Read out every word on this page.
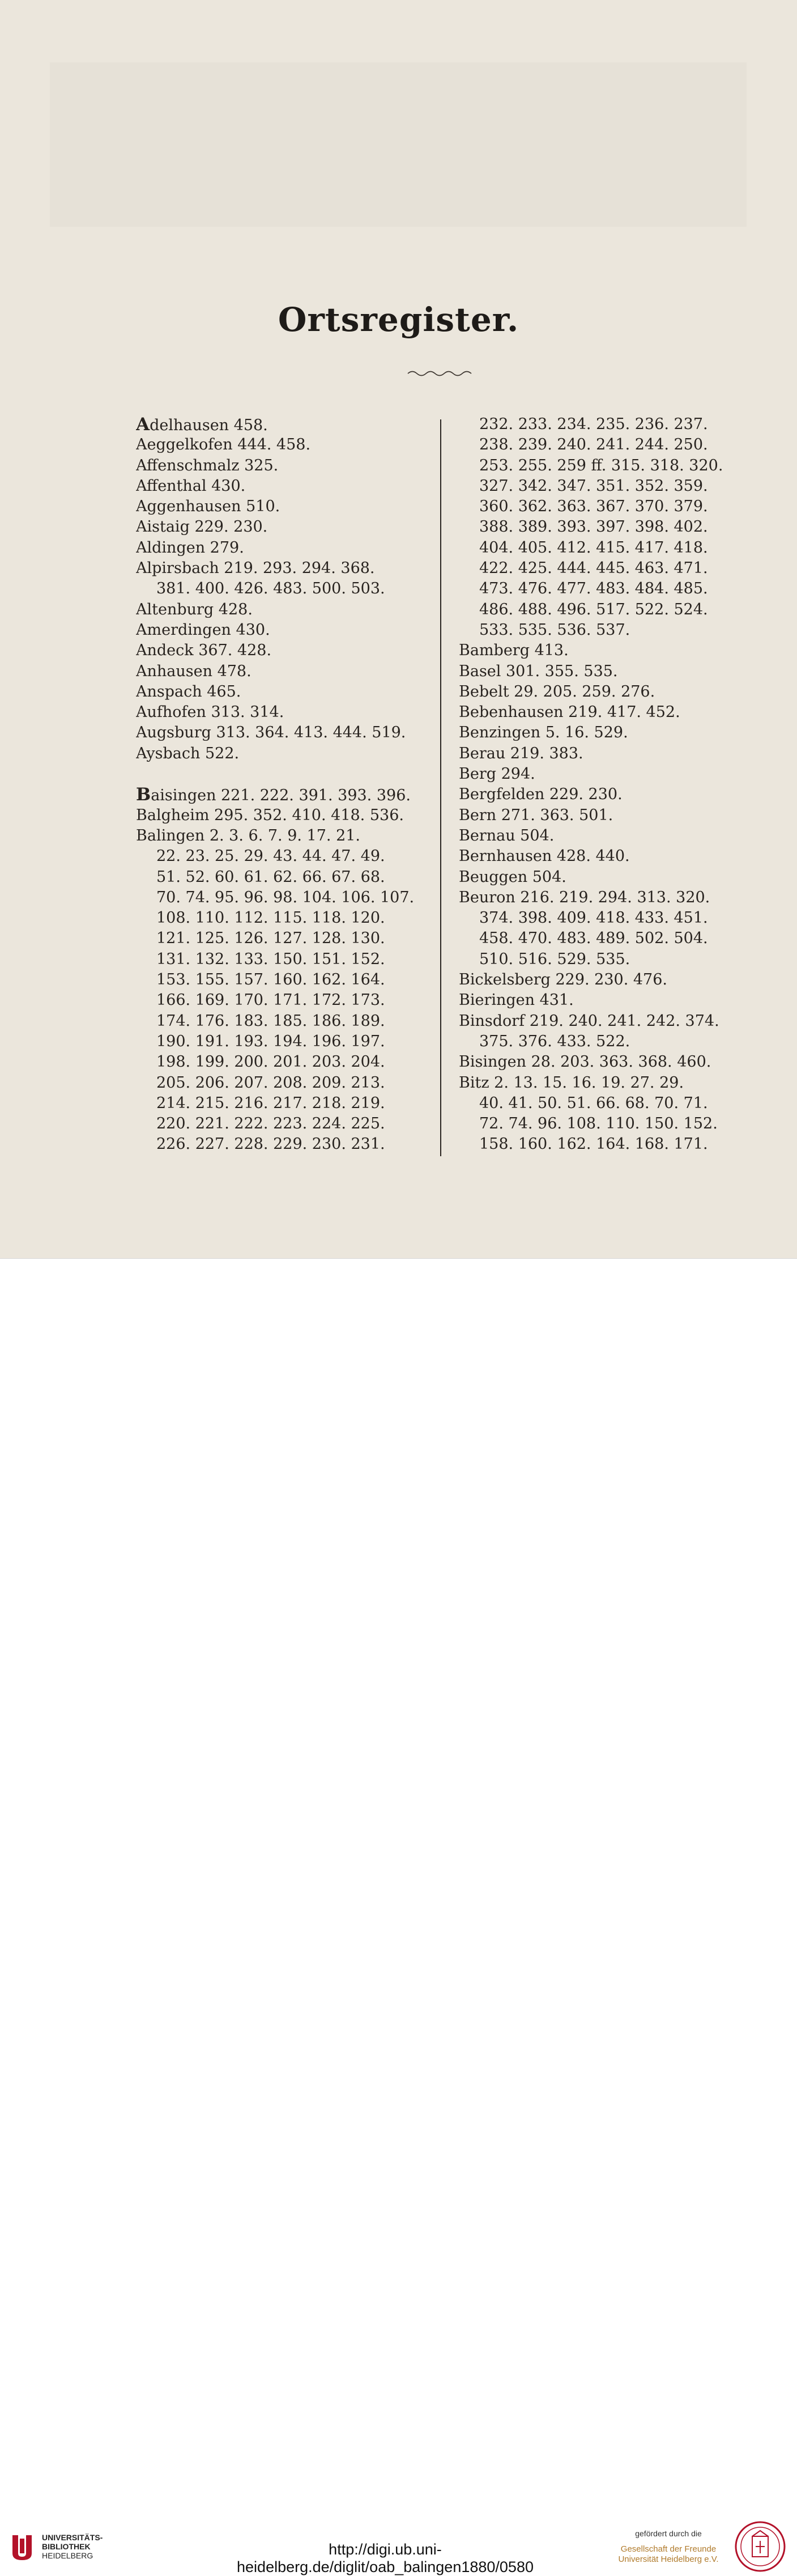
Ortsregister.
Adelhausen 458.
Aeggelkofen 444. 458.
Affenschmalz 325.
Affenthal 430.
Aggenhausen 510.
Aistaig 229. 230.
Aldingen 279.
Alpirsbach 219. 293. 294. 368.
381. 400. 426. 483. 500. 503.
Altenburg 428.
Amerdingen 430.
Andeck 367. 428.
Anhausen 478.
Anspach 465.
Aufhofen 313. 314.
Augsburg 313. 364. 413. 444. 519.
Aysbach 522.
Baisingen 221. 222. 391. 393. 396.
Balgheim 295. 352. 410. 418. 536.
Balingen 2. 3. 6. 7. 9. 17. 21.
22. 23. 25. 29. 43. 44. 47. 49.
51. 52. 60. 61. 62. 66. 67. 68.
70. 74. 95. 96. 98. 104. 106. 107.
108. 110. 112. 115. 118. 120.
121. 125. 126. 127. 128. 130.
131. 132. 133. 150. 151. 152.
153. 155. 157. 160. 162. 164.
166. 169. 170. 171. 172. 173.
174. 176. 183. 185. 186. 189.
190. 191. 193. 194. 196. 197.
198. 199. 200. 201. 203. 204.
205. 206. 207. 208. 209. 213.
214. 215. 216. 217. 218. 219.
220. 221. 222. 223. 224. 225.
226. 227. 228. 229. 230. 231.
232. 233. 234. 235. 236. 237.
238. 239. 240. 241. 244. 250.
253. 255. 259 ff. 315. 318. 320.
327. 342. 347. 351. 352. 359.
360. 362. 363. 367. 370. 379.
388. 389. 393. 397. 398. 402.
404. 405. 412. 415. 417. 418.
422. 425. 444. 445. 463. 471.
473. 476. 477. 483. 484. 485.
486. 488. 496. 517. 522. 524.
533. 535. 536. 537.
Bamberg 413.
Basel 301. 355. 535.
Bebelt 29. 205. 259. 276.
Bebenhausen 219. 417. 452.
Benzingen 5. 16. 529.
Berau 219. 383.
Berg 294.
Bergfelden 229. 230.
Bern 271. 363. 501.
Bernau 504.
Bernhausen 428. 440.
Beuggen 504.
Beuron 216. 219. 294. 313. 320.
374. 398. 409. 418. 433. 451.
458. 470. 483. 489. 502. 504.
510. 516. 529. 535.
Bickelsberg 229. 230. 476.
Bieringen 431.
Binsdorf 219. 240. 241. 242. 374.
375. 376. 433. 522.
Bisingen 28. 203. 363. 368. 460.
Bitz 2. 13. 15. 16. 19. 27. 29.
40. 41. 50. 51. 66. 68. 70. 71.
72. 74. 96. 108. 110. 150. 152.
158. 160. 162. 164. 168. 171.
UNIVERSITÄTS-
BIBLIOTHEK
HEIDELBERG	http://digi.ub.uni-heidelberg.de/diglit/oab_balingen1880/0580
gefördert durch die
Gesellschaft der Freunde
Universität Heidelberg e.V.
